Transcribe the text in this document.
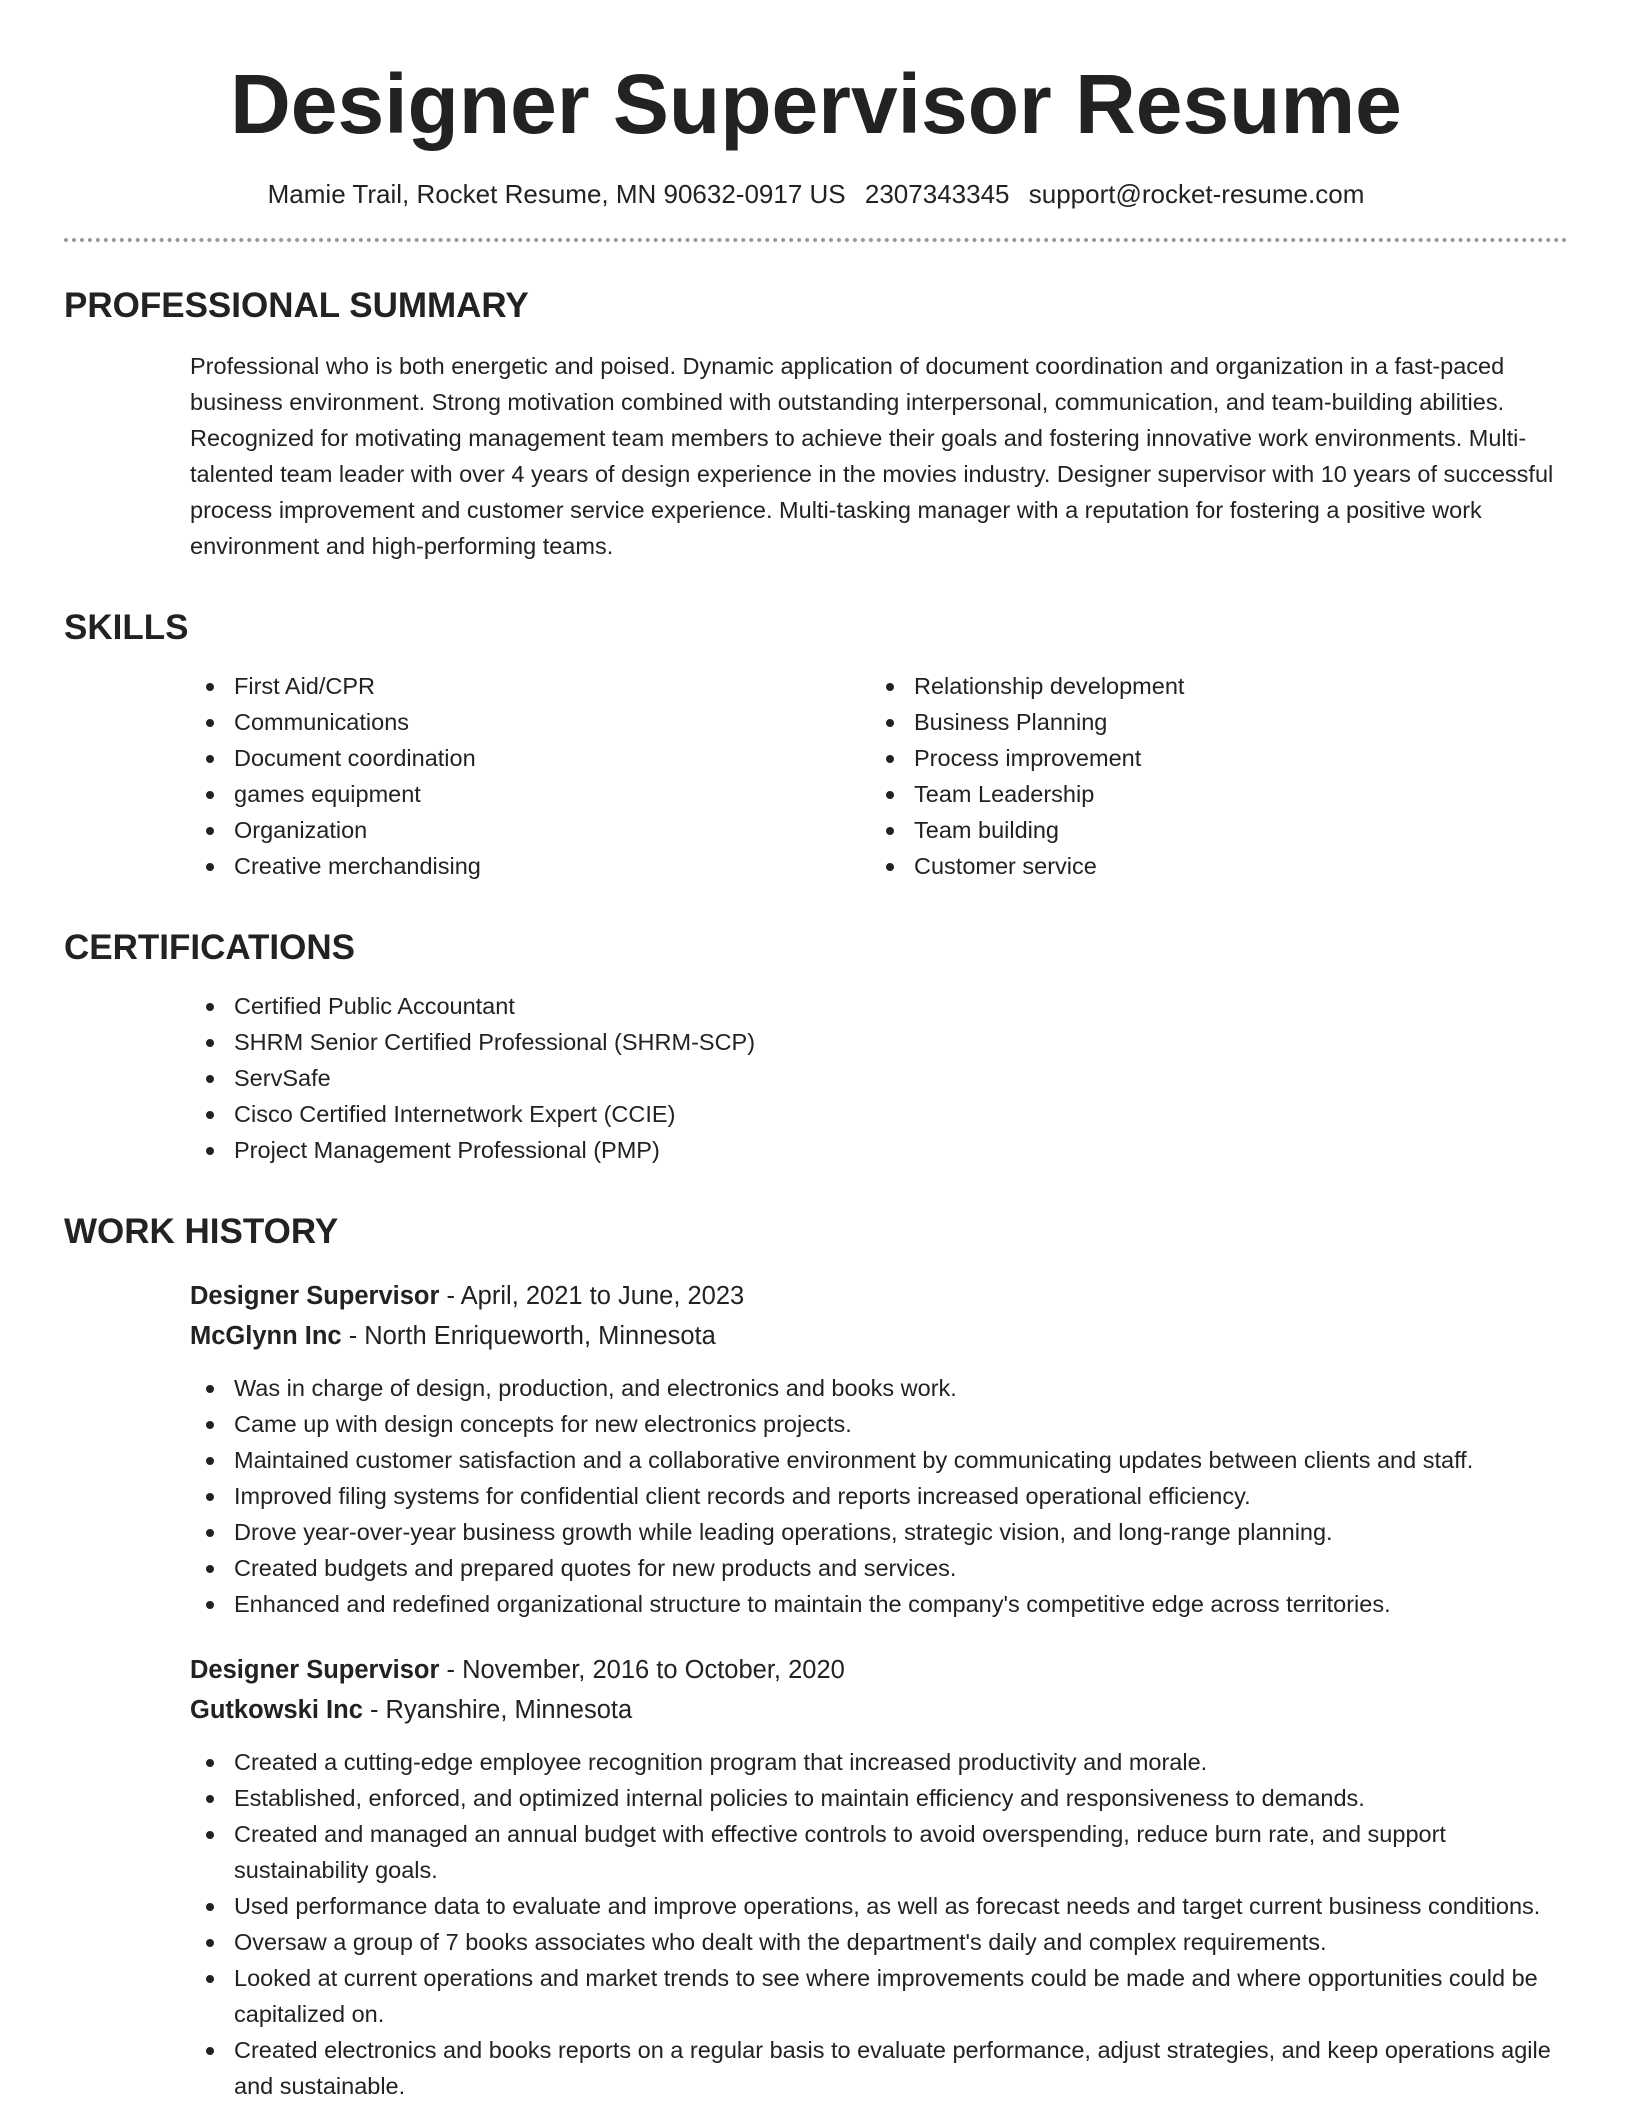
Designer Supervisor Resume
Mamie Trail, Rocket Resume, MN 90632-0917 US 2307343345 support@rocket-resume.com
PROFESSIONAL SUMMARY
Professional who is both energetic and poised. Dynamic application of document coordination and organization in a fast-paced business environment. Strong motivation combined with outstanding interpersonal, communication, and team-building abilities. Recognized for motivating management team members to achieve their goals and fostering innovative work environments. Multi-talented team leader with over 4 years of design experience in the movies industry. Designer supervisor with 10 years of successful process improvement and customer service experience. Multi-tasking manager with a reputation for fostering a positive work environment and high-performing teams.
SKILLS
First Aid/CPR
Communications
Document coordination
games equipment
Organization
Creative merchandising
Relationship development
Business Planning
Process improvement
Team Leadership
Team building
Customer service
CERTIFICATIONS
Certified Public Accountant
SHRM Senior Certified Professional (SHRM-SCP)
ServSafe
Cisco Certified Internetwork Expert (CCIE)
Project Management Professional (PMP)
WORK HISTORY
Designer Supervisor - April, 2021 to June, 2023
McGlynn Inc - North Enriqueworth, Minnesota
Was in charge of design, production, and electronics and books work.
Came up with design concepts for new electronics projects.
Maintained customer satisfaction and a collaborative environment by communicating updates between clients and staff.
Improved filing systems for confidential client records and reports increased operational efficiency.
Drove year-over-year business growth while leading operations, strategic vision, and long-range planning.
Created budgets and prepared quotes for new products and services.
Enhanced and redefined organizational structure to maintain the company's competitive edge across territories.
Designer Supervisor - November, 2016 to October, 2020
Gutkowski Inc - Ryanshire, Minnesota
Created a cutting-edge employee recognition program that increased productivity and morale.
Established, enforced, and optimized internal policies to maintain efficiency and responsiveness to demands.
Created and managed an annual budget with effective controls to avoid overspending, reduce burn rate, and support sustainability goals.
Used performance data to evaluate and improve operations, as well as forecast needs and target current business conditions.
Oversaw a group of 7 books associates who dealt with the department's daily and complex requirements.
Looked at current operations and market trends to see where improvements could be made and where opportunities could be capitalized on.
Created electronics and books reports on a regular basis to evaluate performance, adjust strategies, and keep operations agile and sustainable.
